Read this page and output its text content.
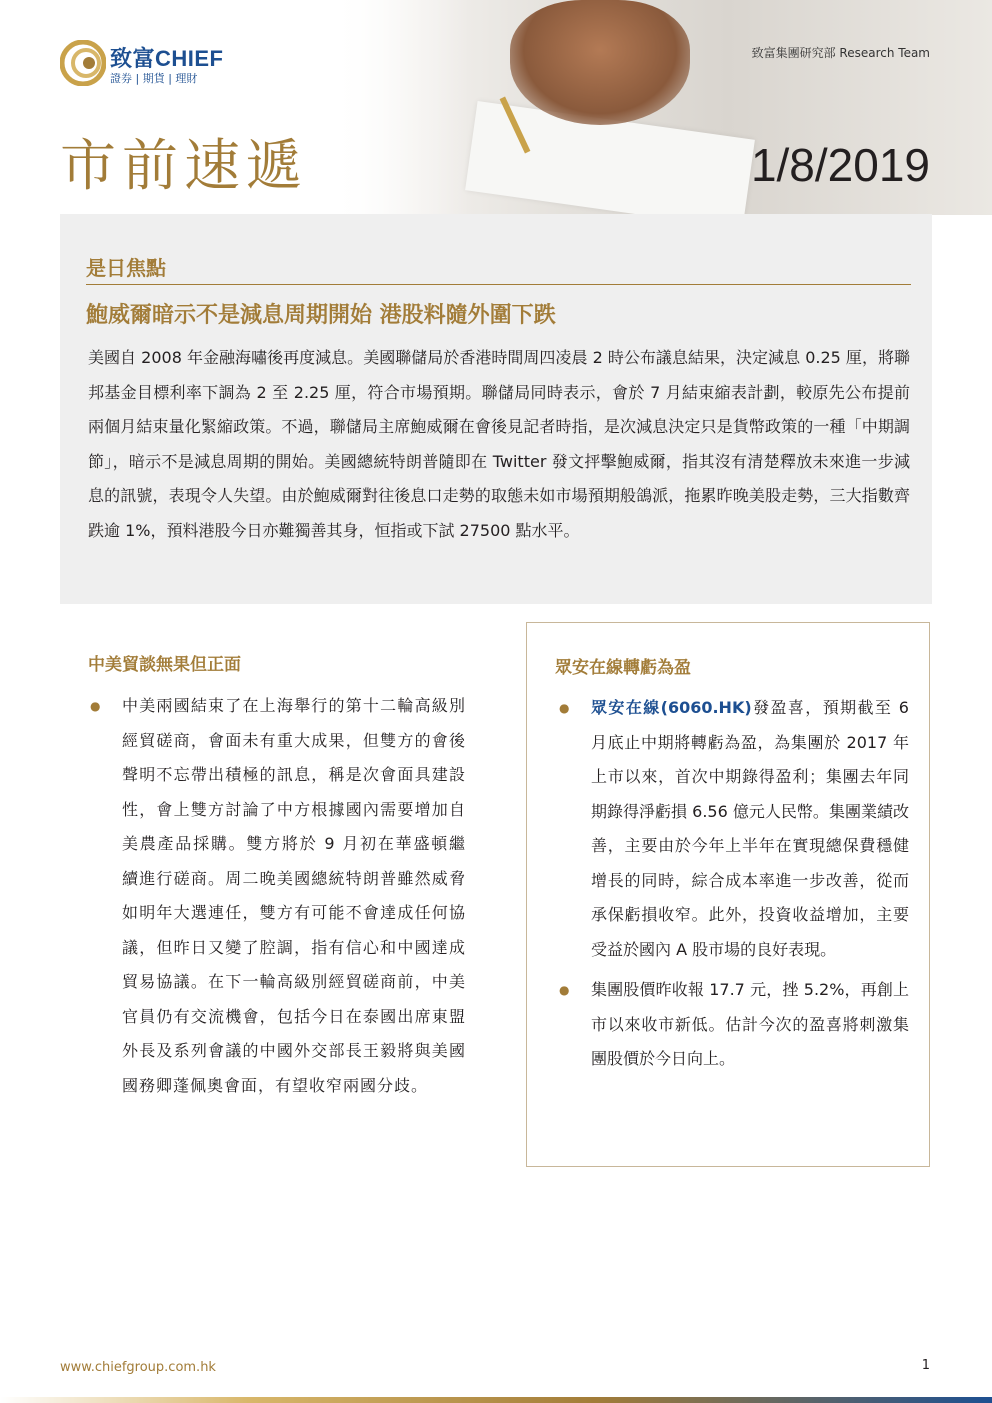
致富CHIEF
證券 | 期貨 | 理財
致富集團研究部 Research Team
市前速遞	1/8/2019
是日焦點
鮑威爾暗示不是減息周期開始 港股料隨外圍下跌

美國自 2008 年金融海嘯後再度減息。美國聯儲局於香港時間周四凌晨 2 時公布議息結果，決定減息 0.25 厘，將聯邦基金目標利率下調為 2 至 2.25 厘，符合市場預期。聯儲局同時表示，會於 7 月結束縮表計劃，較原先公布提前兩個月結束量化緊縮政策。不過，聯儲局主席鮑威爾在會後見記者時指，是次減息決定只是貨幣政策的一種「中期調節」，暗示不是減息周期的開始。美國總統特朗普隨即在 Twitter 發文抨擊鮑威爾，指其沒有清楚釋放未來進一步減息的訊號，表現令人失望。由於鮑威爾對往後息口走勢的取態未如市場預期般鴿派，拖累昨晚美股走勢，三大指數齊跌逾 1%，預料港股今日亦難獨善其身，恒指或下試 27500 點水平。

中美貿談無果但正面
● 中美兩國結束了在上海舉行的第十二輪高級別經貿磋商，會面未有重大成果，但雙方的會後聲明不忘帶出積極的訊息，稱是次會面具建設性，會上雙方討論了中方根據國內需要增加自美農產品採購。雙方將於 9 月初在華盛頓繼續進行磋商。周二晚美國總統特朗普雖然威脅如明年大選連任，雙方有可能不會達成任何協議，但昨日又變了腔調，指有信心和中國達成貿易協議。在下一輪高級別經貿磋商前，中美官員仍有交流機會，包括今日在泰國出席東盟外長及系列會議的中國外交部長王毅將與美國國務卿蓬佩奧會面，有望收窄兩國分歧。
眾安在線轉虧為盈
● 眾安在線(6060.HK)發盈喜，預期截至 6 月底止中期將轉虧為盈，為集團於 2017 年上市以來，首次中期錄得盈利；集團去年同期錄得淨虧損 6.56 億元人民幣。集團業績改善，主要由於今年上半年在實現總保費穩健增長的同時，綜合成本率進一步改善，從而承保虧損收窄。此外，投資收益增加，主要受益於國內 A 股市場的良好表現。
● 集團股價昨收報 17.7 元，挫 5.2%，再創上市以來收市新低。估計今次的盈喜將刺激集團股價於今日向上。
www.chiefgroup.com.hk	1
